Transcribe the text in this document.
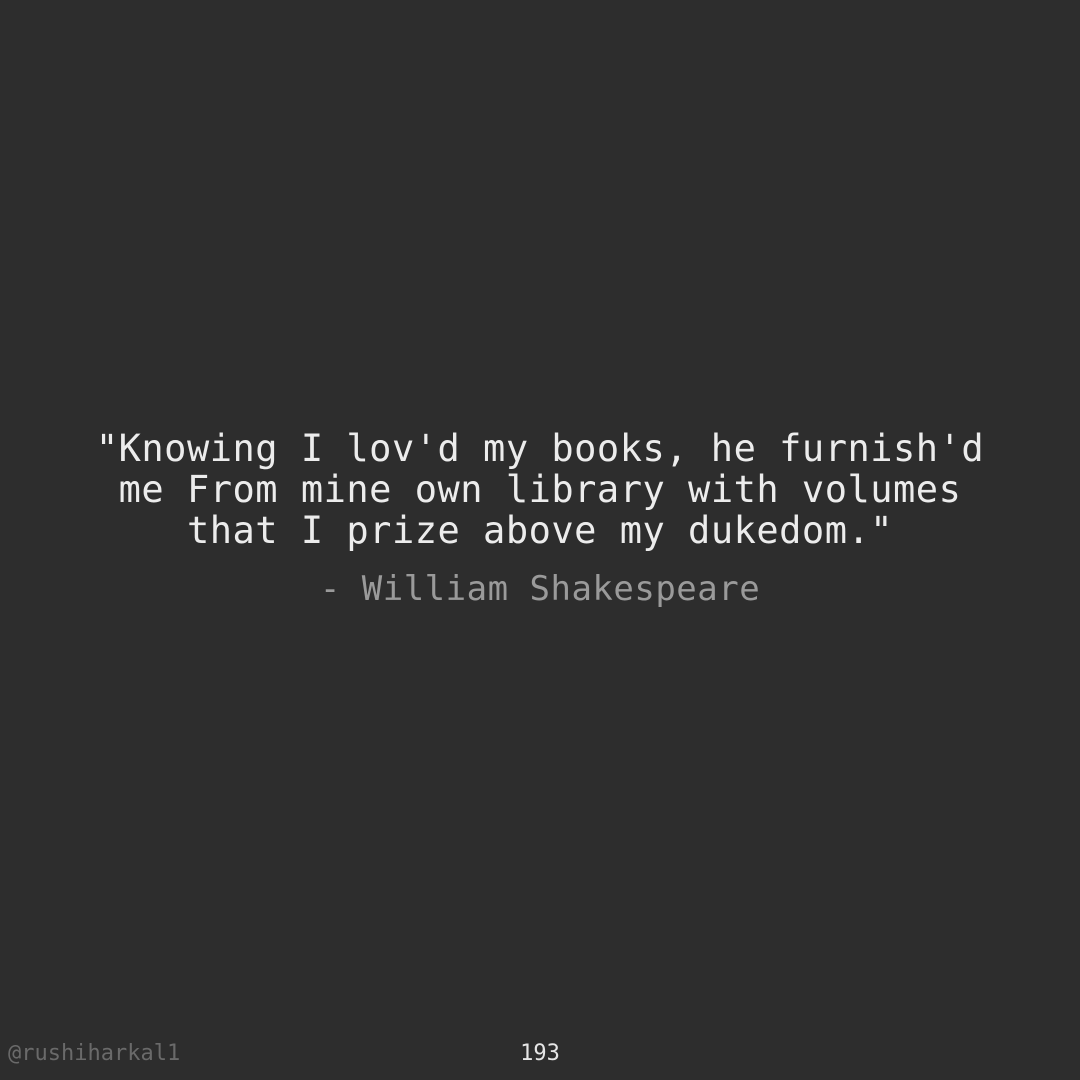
"Knowing I lov'd my books, he furnish'd
me From mine own library with volumes
that I prize above my dukedom."

- William Shakespeare
@rushiharkal1	193
